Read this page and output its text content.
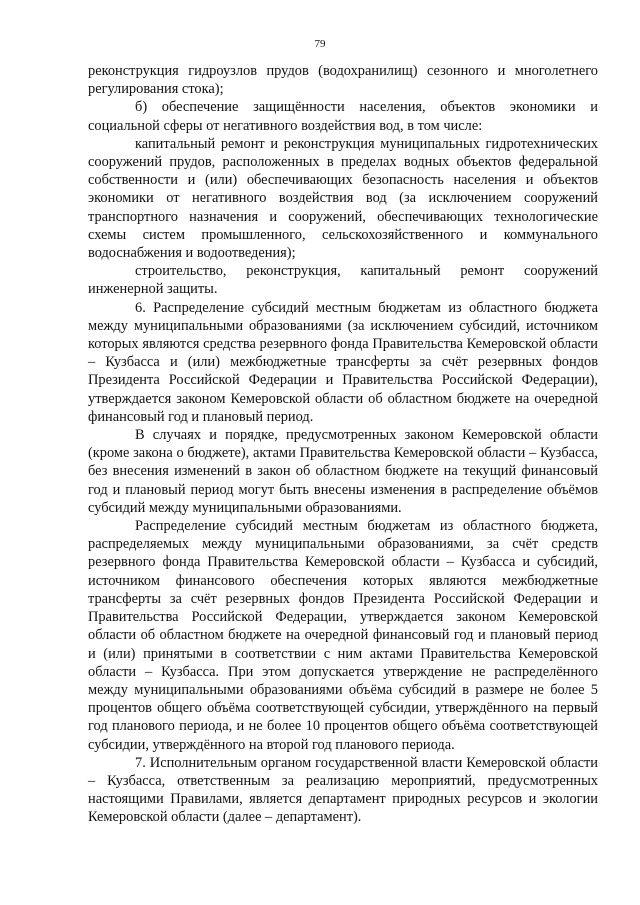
79

реконструкция гидроузлов прудов (водохранилищ) сезонного и многолетнего регулирования стока);

б) обеспечение защищённости населения, объектов экономики и социальной сферы от негативного воздействия вод, в том числе:

капитальный ремонт и реконструкция муниципальных гидротехнических сооружений прудов, расположенных в пределах водных объектов федеральной собственности и (или) обеспечивающих безопасность населения и объектов экономики от негативного воздействия вод (за исключением сооружений транспортного назначения и сооружений, обеспечивающих технологические схемы систем промышленного, сельскохозяйственного и коммунального водоснабжения и водоотведения);

строительство, реконструкция, капитальный ремонт сооружений инженерной защиты.

6. Распределение субсидий местным бюджетам из областного бюджета между муниципальными образованиями (за исключением субсидий, источником которых являются средства резервного фонда Правительства Кемеровской области – Кузбасса и (или) межбюджетные трансферты за счёт резервных фондов Президента Российской Федерации и Правительства Российской Федерации), утверждается законом Кемеровской области об областном бюджете на очередной финансовый год и плановый период.

В случаях и порядке, предусмотренных законом Кемеровской области (кроме закона о бюджете), актами Правительства Кемеровской области – Кузбасса, без внесения изменений в закон об областном бюджете на текущий финансовый год и плановый период могут быть внесены изменения в распределение объёмов субсидий между муниципальными образованиями.

Распределение субсидий местным бюджетам из областного бюджета, распределяемых между муниципальными образованиями, за счёт средств резервного фонда Правительства Кемеровской области – Кузбасса и субсидий, источником финансового обеспечения которых являются межбюджетные трансферты за счёт резервных фондов Президента Российской Федерации и Правительства Российской Федерации, утверждается законом Кемеровской области об областном бюджете на очередной финансовый год и плановый период и (или) принятыми в соответствии с ним актами Правительства Кемеровской области – Кузбасса. При этом допускается утверждение не распределённого между муниципальными образованиями объёма субсидий в размере не более 5 процентов общего объёма соответствующей субсидии, утверждённого на первый год планового периода, и не более 10 процентов общего объёма соответствующей субсидии, утверждённого на второй год планового периода.

7. Исполнительным органом государственной власти Кемеровской области – Кузбасса, ответственным за реализацию мероприятий, предусмотренных настоящими Правилами, является департамент природных ресурсов и экологии Кемеровской области (далее – департамент).
